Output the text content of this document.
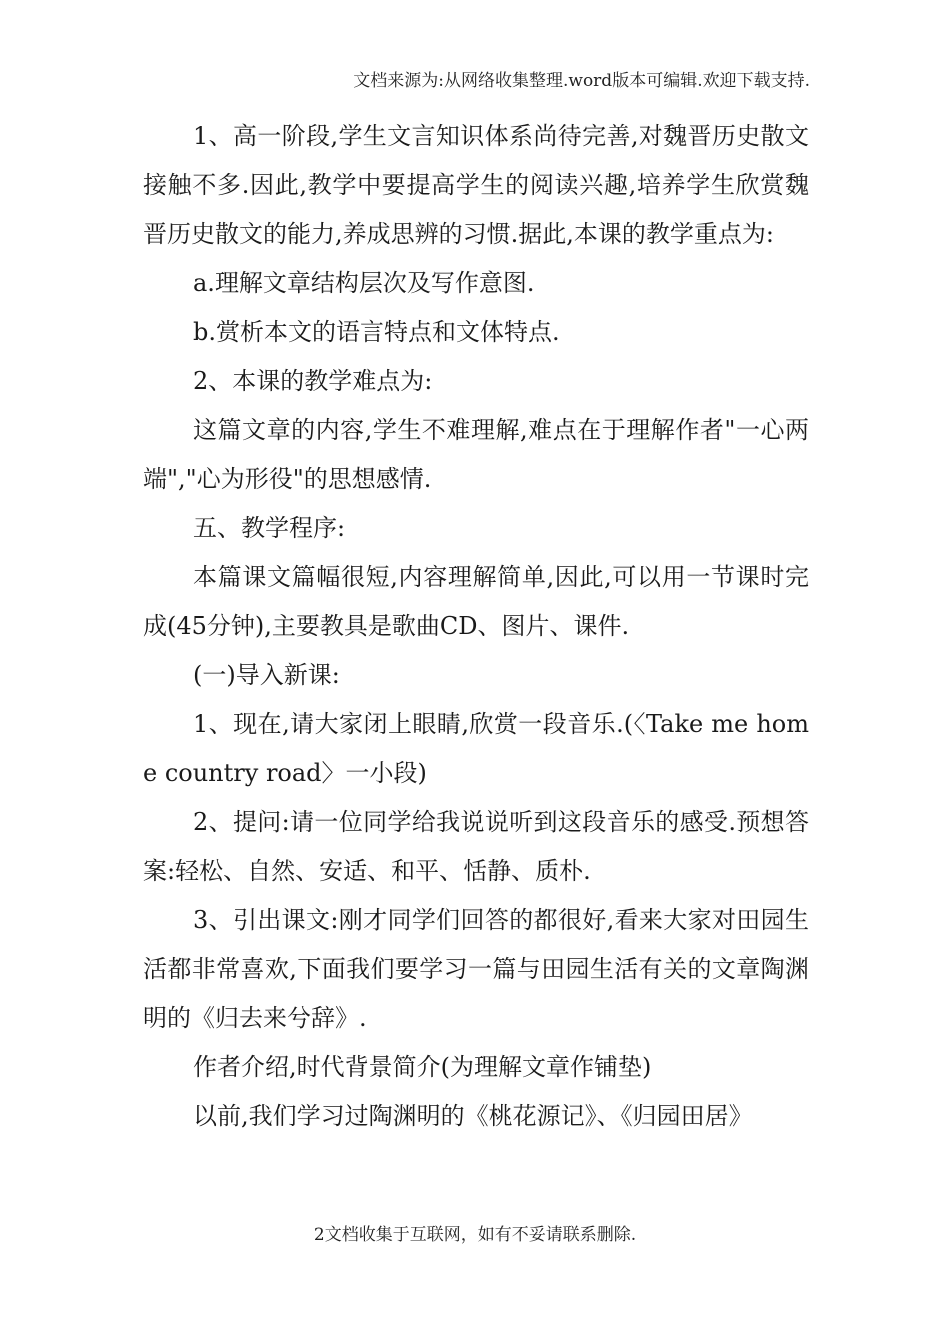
文档来源为:从网络收集整理.word版本可编辑.欢迎下载支持.

1、高一阶段,学生文言知识体系尚待完善,对魏晋历史散文接触不多.因此,教学中要提高学生的阅读兴趣,培养学生欣赏魏晋历史散文的能力,养成思辨的习惯.据此,本课的教学重点为:

a.理解文章结构层次及写作意图.

b.赏析本文的语言特点和文体特点.

2、本课的教学难点为:

这篇文章的内容,学生不难理解,难点在于理解作者"一心两端","心为形役"的思想感情.

五、教学程序:

本篇课文篇幅很短,内容理解简单,因此,可以用一节课时完成(45分钟),主要教具是歌曲CD、图片、课件.

(一)导入新课:

1、现在,请大家闭上眼睛,欣赏一段音乐.(〈Take me home country road〉一小段)

2、提问:请一位同学给我说说听到这段音乐的感受.预想答案:轻松、自然、安适、和平、恬静、质朴.

3、引出课文:刚才同学们回答的都很好,看来大家对田园生活都非常喜欢,下面我们要学习一篇与田园生活有关的文章陶渊明的《归去来兮辞》.

作者介绍,时代背景简介(为理解文章作铺垫)

以前,我们学习过陶渊明的《桃花源记》、《归园田居》

2文档收集于互联网，如有不妥请联系删除.
